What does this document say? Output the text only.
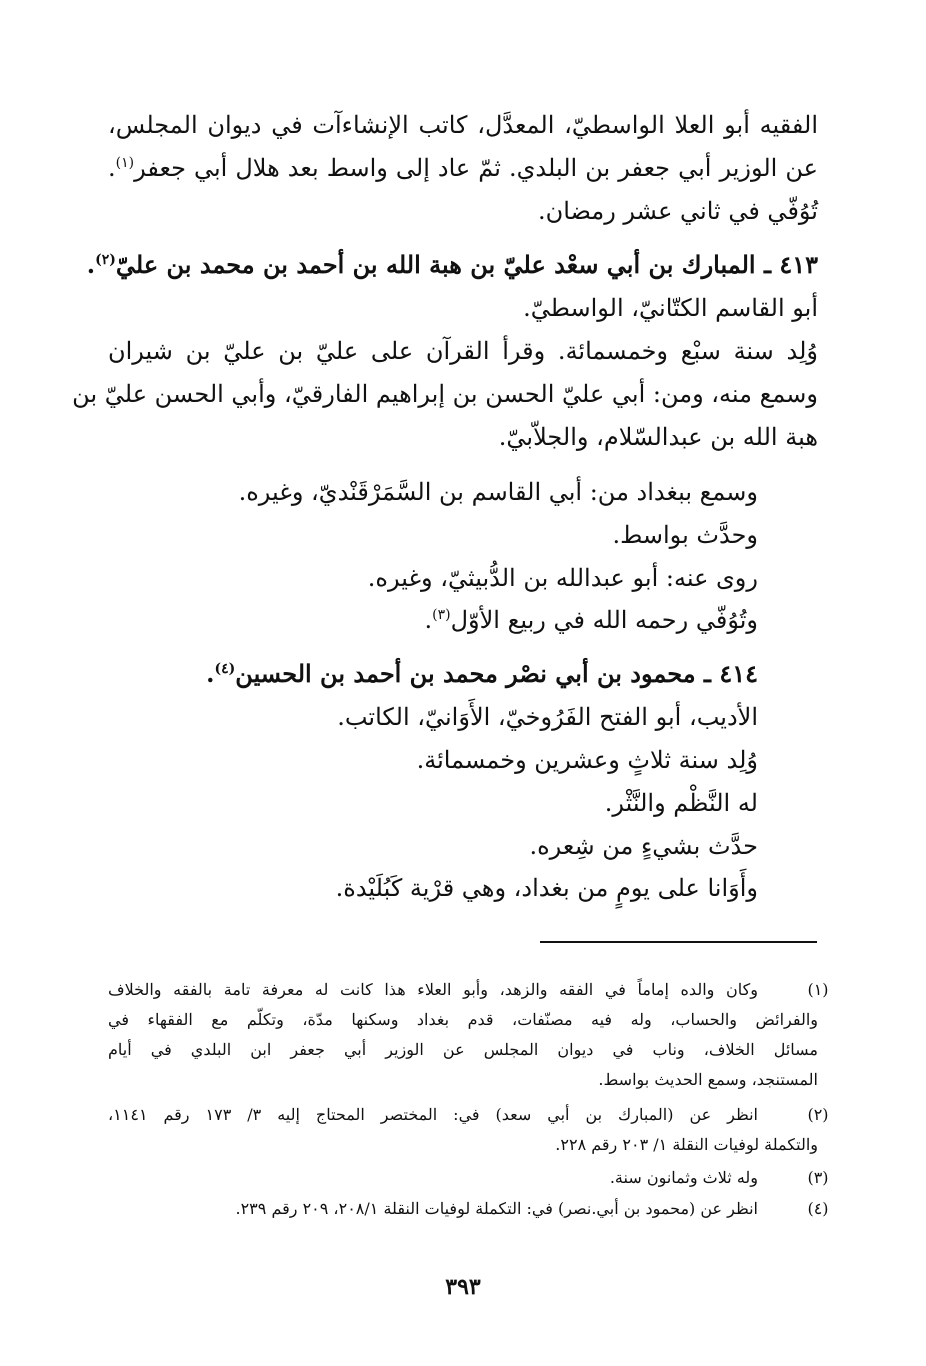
الفقيه أبو العلا الواسطيّ، المعدَّل، كاتب الإنشاءآت في ديوان المجلس،
عن الوزير أبي جعفر بن البلدي. ثمّ عاد إلى واسط بعد هلال أبي جعفر$^{(١)}$.
تُوُفّي في ثاني عشر رمضان.
٤١٣ ـ المبارك بن أبي سعْد عليّ بن هبة الله بن أحمد بن محمد بن عليّ$^{(٢)}$.
أبو القاسم الكتّانيّ، الواسطيّ.
وُلِد سنة سبْع وخمسمائة. وقرأ القرآن على عليّ بن عليّ بن شيران
وسمع منه، ومن: أبي عليّ الحسن بن إبراهيم الفارقيّ، وأبي الحسن عليّ بن
هبة الله بن عبدالسّلام، والجلاّبيّ.
وسمع ببغداد من: أبي القاسم بن السَّمَرْقَنْديّ، وغيره.
وحدَّث بواسط.
روى عنه: أبو عبدالله بن الدُّبيثيّ، وغيره.
وتُوُفّي رحمه الله في ربيع الأوّل$^{(٣)}$.
٤١٤ ـ محمود بن أبي نصْر محمد بن أحمد بن الحسين$^{(٤)}$.
الأديب، أبو الفتح الفَرُوخيّ، الأَوَانيّ، الكاتب.
وُلِد سنة ثلاثٍ وعشرين وخمسمائة.
له النَّظْم والنَّثْر.
حدَّث بشيءٍ من شِعره.
وأَوَانا على يومٍ من بغداد، وهي قرْية كَبُلَيْدة.
(١)
وكان والده إماماً في الفقه والزهد، وأبو العلاء هذا كانت له معرفة تامة بالفقه والخلاف
والفرائض والحساب، وله فيه مصنّفات، قدم بغداد وسكنها مدّة، وتكلّم مع الفقهاء في
مسائل الخلاف، وناب في ديوان المجلس عن الوزير أبي جعفر ابن البلدي في أيام
المستنجد، وسمع الحديث بواسط.
(٢)
انظر عن (المبارك بن أبي سعد) في: المختصر المحتاج إليه ٣/ ١٧٣ رقم ١١٤١،
والتكملة لوفيات النقلة ١/ ٢٠٣ رقم ٢٢٨.
(٣)
وله ثلاث وثمانون سنة.
(٤)
انظر عن (محمود بن أبي.نصر) في: التكملة لوفيات النقلة ٢٠٨/١، ٢٠٩ رقم ٢٣٩.
٣٩٣
